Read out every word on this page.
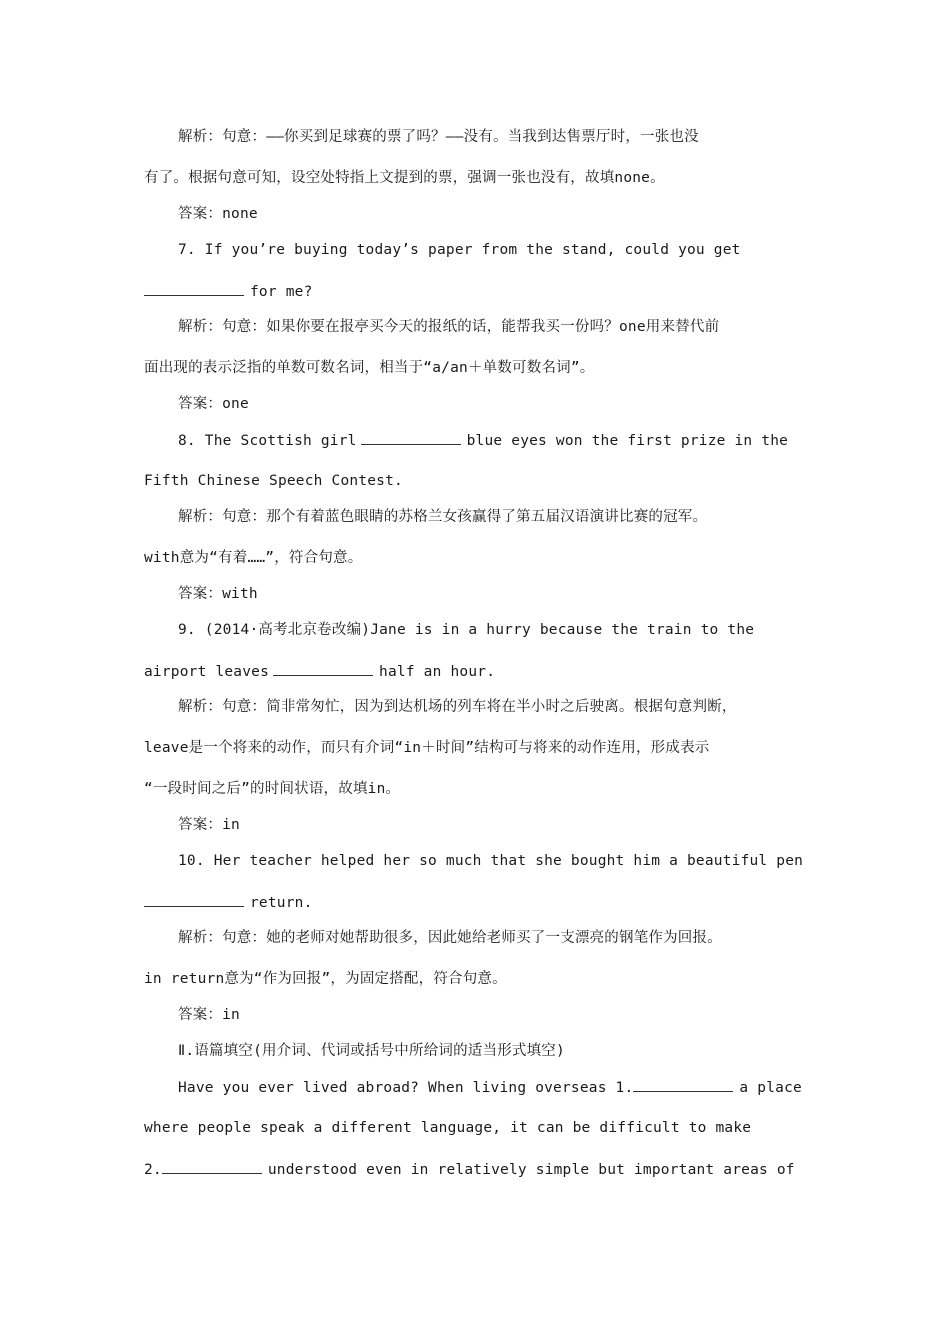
解析：句意：——你买到足球赛的票了吗？——没有。当我到达售票厅时，一张也没
有了。根据句意可知，设空处特指上文提到的票，强调一张也没有，故填none。
答案：none
7. If you’re buying today’s paper from the stand, could you get
for me?
解析：句意：如果你要在报亭买今天的报纸的话，能帮我买一份吗？one用来替代前
面出现的表示泛指的单数可数名词，相当于“a/an＋单数可数名词”。
答案：one
8. The Scottish girl	blue eyes won the first prize in the
Fifth Chinese Speech Contest.
解析：句意：那个有着蓝色眼睛的苏格兰女孩赢得了第五届汉语演讲比赛的冠军。
with意为“有着……”，符合句意。
答案：with
9. (2014·高考北京卷改编)Jane is in a hurry because the train to the
airport leaves	half an hour.
解析：句意：简非常匆忙，因为到达机场的列车将在半小时之后驶离。根据句意判断，
leave是一个将来的动作，而只有介词“in＋时间”结构可与将来的动作连用，形成表示
“一段时间之后”的时间状语，故填in。
答案：in
10. Her teacher helped her so much that she bought him a beautiful pen
return.
解析：句意：她的老师对她帮助很多，因此她给老师买了一支漂亮的钢笔作为回报。
in return意为“作为回报”，为固定搭配，符合句意。
答案：in
Ⅱ.语篇填空(用介词、代词或括号中所给词的适当形式填空)
Have you ever lived abroad? When living overseas 1.	a place
where people speak a different language, it can be difficult to make
2.	understood even in relatively simple but important areas of
